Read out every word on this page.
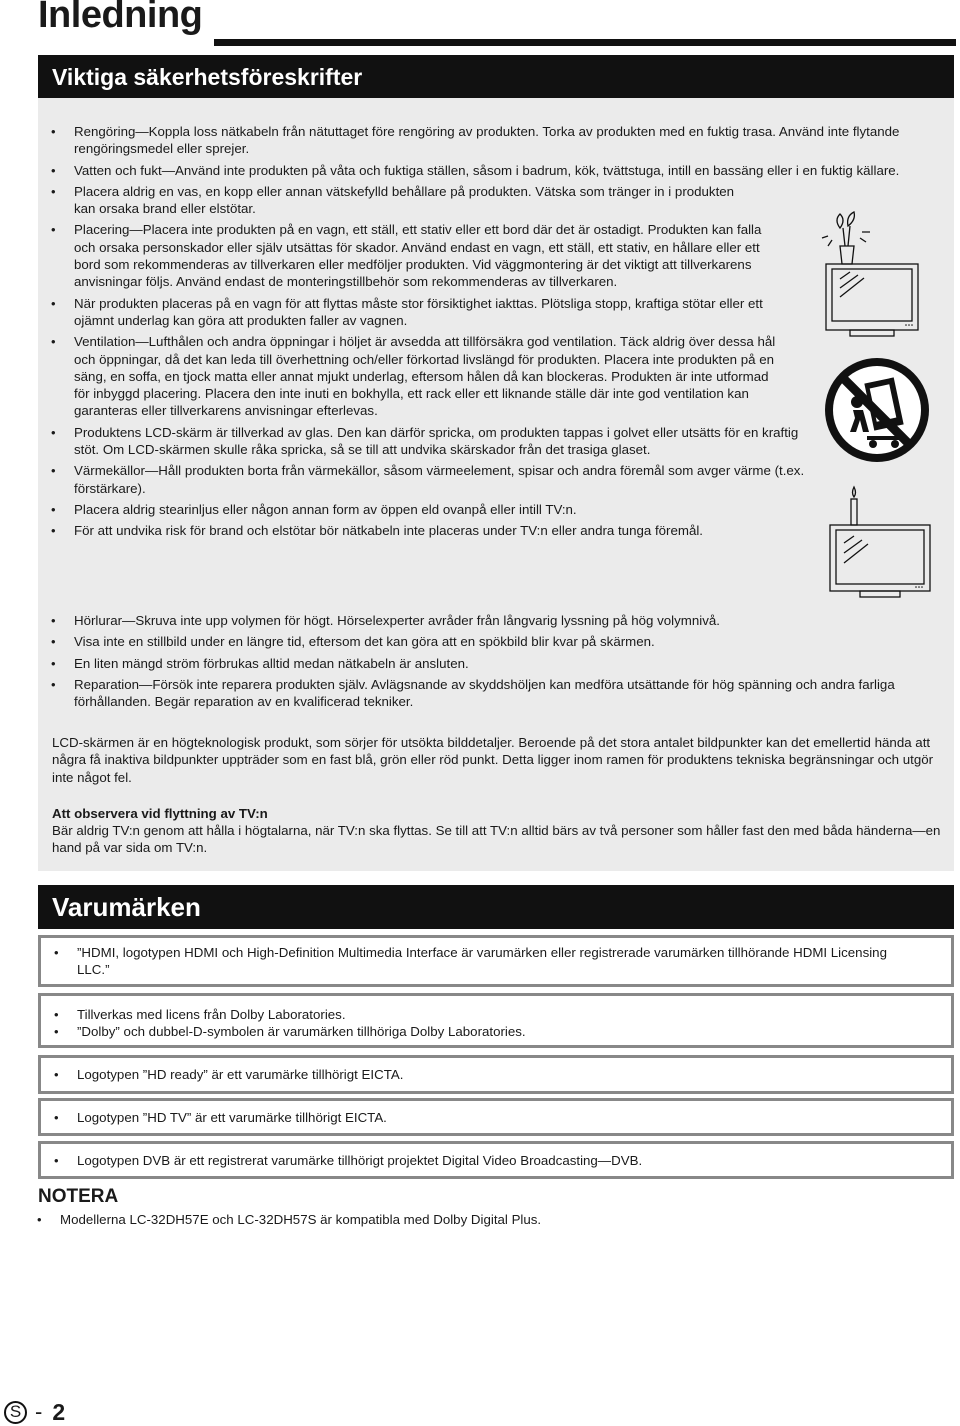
Inledning
Viktiga säkerhetsföreskrifter
• Rengöring—Koppla loss nätkabeln från nätuttaget före rengöring av produkten. Torka av produkten med en fuktig trasa. Använd inte flytande rengöringsmedel eller sprejer.
• Vatten och fukt—Använd inte produkten på våta och fuktiga ställen, såsom i badrum, kök, tvättstuga, intill en bassäng eller i en fuktig källare.
• Placera aldrig en vas, en kopp eller annan vätskefylld behållare på produkten. Vätska som tränger in i produkten kan orsaka brand eller elstötar.
• Placering—Placera inte produkten på en vagn, ett ställ, ett stativ eller ett bord där det är ostadigt. Produkten kan falla och orsaka personskador eller själv utsättas för skador. Använd endast en vagn, ett ställ, ett stativ, en hållare eller ett bord som rekommenderas av tillverkaren eller medföljer produkten. Vid väggmontering är det viktigt att tillverkarens anvisningar följs. Använd endast de monteringstillbehör som rekommenderas av tillverkaren.
• När produkten placeras på en vagn för att flyttas måste stor försiktighet iakttas. Plötsliga stopp, kraftiga stötar eller ett ojämnt underlag kan göra att produkten faller av vagnen.
• Ventilation—Lufthålen och andra öppningar i höljet är avsedda att tillförsäkra god ventilation. Täck aldrig över dessa hål och öppningar, då det kan leda till överhettning och/eller förkortad livslängd för produkten. Placera inte produkten på en säng, en soffa, en tjock matta eller annat mjukt underlag, eftersom hålen då kan blockeras. Produkten är inte utformad för inbyggd placering. Placera den inte inuti en bokhylla, ett rack eller ett liknande ställe där inte god ventilation kan garanteras eller tillverkarens anvisningar efterlevas.
• Produktens LCD-skärm är tillverkad av glas. Den kan därför spricka, om produkten tappas i golvet eller utsätts för en kraftig stöt. Om LCD-skärmen skulle råka spricka, så se till att undvika skärskador från det trasiga glaset.
• Värmekällor—Håll produkten borta från värmekällor, såsom värmeelement, spisar och andra föremål som avger värme (t.ex. förstärkare).
• Placera aldrig stearinljus eller någon annan form av öppen eld ovanpå eller intill TV:n.
• För att undvika risk för brand och elstötar bör nätkabeln inte placeras under TV:n eller andra tunga föremål.
• Hörlurar—Skruva inte upp volymen för högt. Hörselexperter avråder från långvarig lyssning på hög volymnivå.
• Visa inte en stillbild under en längre tid, eftersom det kan göra att en spökbild blir kvar på skärmen.
• En liten mängd ström förbrukas alltid medan nätkabeln är ansluten.
• Reparation—Försök inte reparera produkten själv. Avlägsnande av skyddshöljen kan medföra utsättande för hög spänning och andra farliga förhållanden. Begär reparation av en kvalificerad tekniker.

LCD-skärmen är en högteknologisk produkt, som sörjer för utsökta bilddetaljer. Beroende på det stora antalet bildpunkter kan det emellertid hända att några få inaktiva bildpunkter uppträder som en fast blå, grön eller röd punkt. Detta ligger inom ramen för produktens tekniska begränsningar och utgör inte något fel.

Att observera vid flyttning av TV:n

Bär aldrig TV:n genom att hålla i högtalarna, när TV:n ska flyttas. Se till att TV:n alltid bärs av två personer som håller fast den med båda händerna—en hand på var sida om TV:n.

Varumärken
• ”HDMI, logotypen HDMI och High-Definition Multimedia Interface är varumärken eller registrerade varumärken tillhörande HDMI Licensing LLC.”
• Tillverkas med licens från Dolby Laboratories.
• ”Dolby” och dubbel-D-symbolen är varumärken tillhöriga Dolby Laboratories.
• Logotypen ”HD ready” är ett varumärke tillhörigt EICTA.
• Logotypen ”HD TV” är ett varumärke tillhörigt EICTA.
• Logotypen DVB är ett registrerat varumärke tillhörigt projektet Digital Video Broadcasting—DVB.
NOTERA
• Modellerna LC-32DH57E och LC-32DH57S är kompatibla med Dolby Digital Plus.
S - 2
